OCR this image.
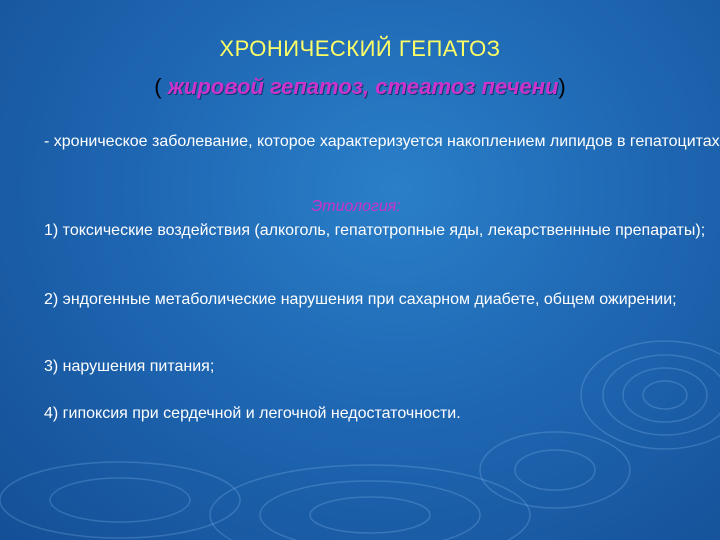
ХРОНИЧЕСКИЙ ГЕПАТОЗ
( жировой гепатоз, стеатоз печени)
- хроническое заболевание, которое характеризуется накоплением липидов в гепатоцитах
Этиология:
1) токсические воздействия (алкоголь, гепатотропные яды, лекарственнные препараты);
2) эндогенные метаболические нарушения при сахарном диабете, общем ожирении;
3) нарушения питания;
4) гипоксия при сердечной и легочной недостаточности.
